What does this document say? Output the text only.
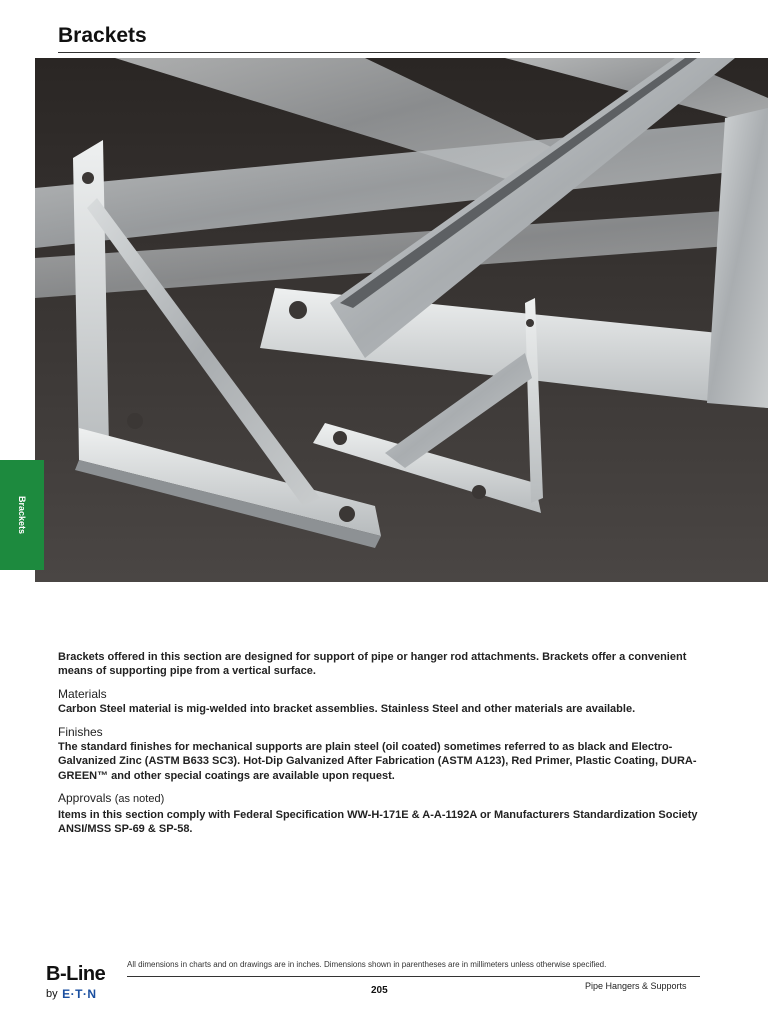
Brackets
Brackets

Brackets offered in this section are designed for support of pipe or hanger rod attachments. Brackets offer a convenient means of supporting pipe from a vertical surface.

Materials

Carbon Steel material is mig-welded into bracket assemblies. Stainless Steel and other materials are available.

Finishes

The standard finishes for mechanical supports are plain steel (oil coated) sometimes referred to as black and Electro-Galvanized Zinc (ASTM B633 SC3). Hot-Dip Galvanized After Fabrication (ASTM A123), Red Primer, Plastic Coating, DURA-GREEN™ and other special coatings are available upon request.

Approvals (as noted)

Items in this section comply with Federal Specification WW-H-171E & A-A-1192A or Manufacturers Standardization Society ANSI/MSS SP-69 & SP-58.

B-Line
by E·T·N
All dimensions in charts and on drawings are in inches. Dimensions shown in parentheses are in millimeters unless otherwise specified.
205	Pipe Hangers & Supports
